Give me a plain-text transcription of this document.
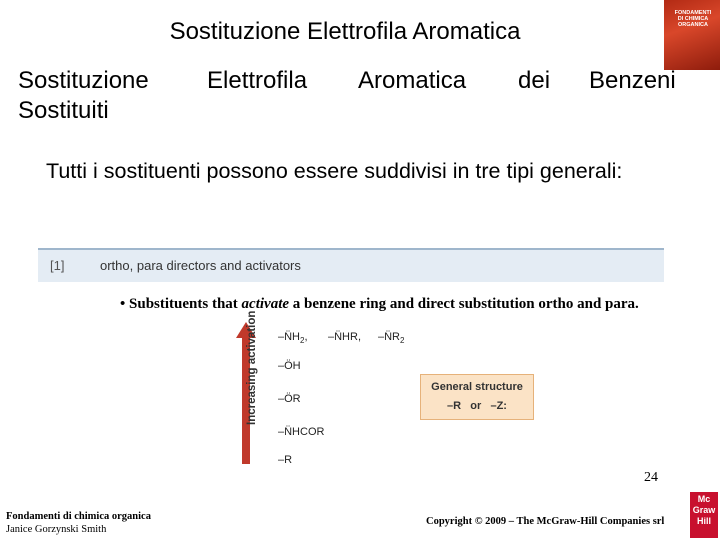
Sostituzione Elettrofila Aromatica
FONDAMENTI DI CHIMICA ORGANICA
Sostituzione Elettrofila Aromatica dei Benzeni
Sostituiti
Tutti i sostituenti possono essere suddivisi in tre tipi generali:
[1]	ortho, para directors and activators
• Substituents that activate a benzene ring and direct substitution ortho and para.
Increasing activation $-N̈H_2$, –N̈HR, $-N̈R_2$
–ÖH
–ÖR
–N̈HCOR
–R
General structure
–R   or   –Z:
Fondamenti di chimica organica
Janice Gorzynski Smith
24
Copyright © 2009 – The McGraw-Hill Companies srl
Mc Graw Hill
